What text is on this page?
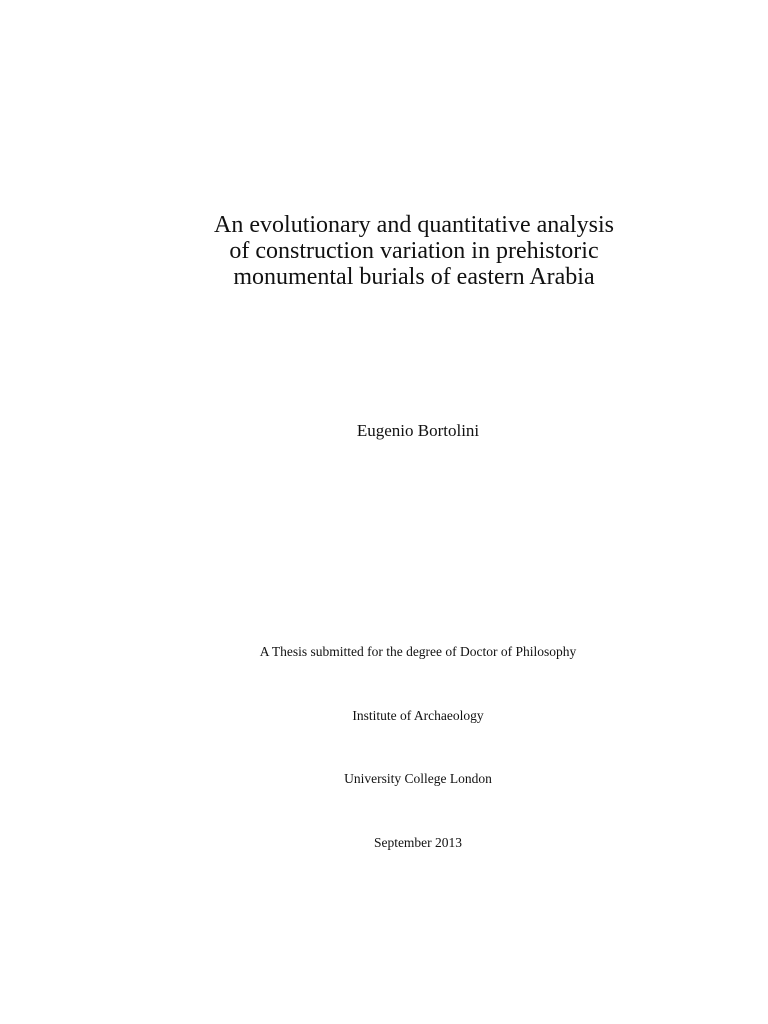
An evolutionary and quantitative analysis
of construction variation in prehistoric
monumental burials of eastern Arabia
Eugenio Bortolini
A Thesis submitted for the degree of Doctor of Philosophy
Institute of Archaeology
University College London
September 2013
